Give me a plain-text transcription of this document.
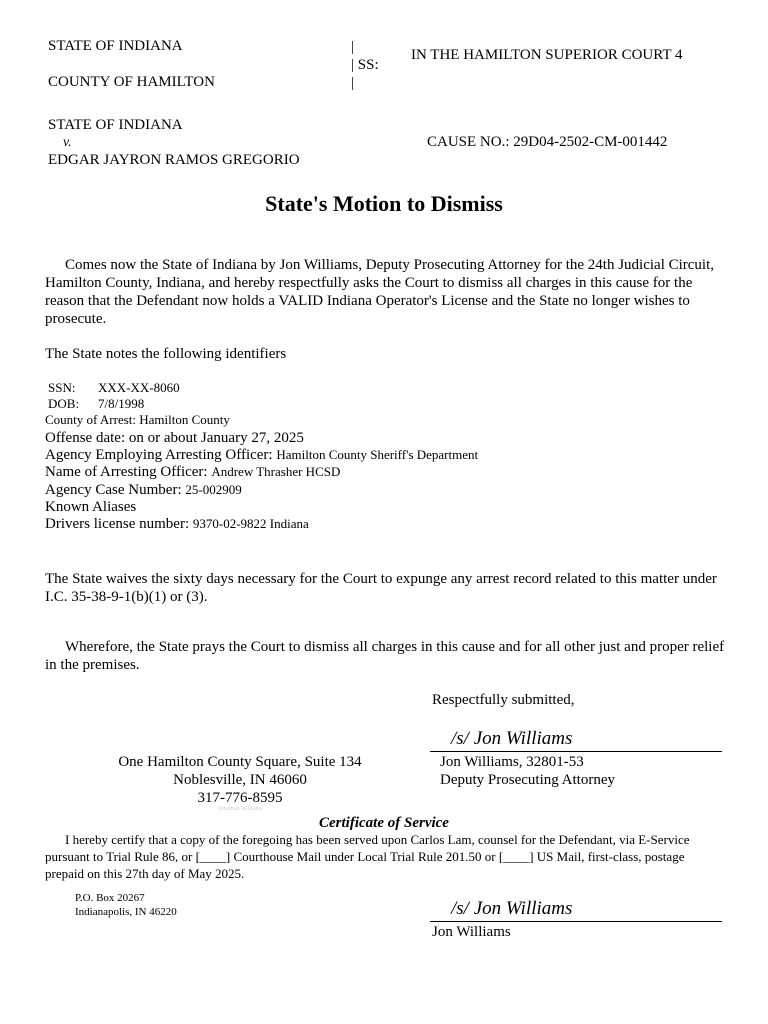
STATE OF INDIANA
COUNTY OF HAMILTON
|
| SS:
|
IN THE HAMILTON SUPERIOR COURT 4
STATE OF INDIANA
v.
EDGAR JAYRON RAMOS GREGORIO
CAUSE NO.: 29D04-2502-CM-001442
State's Motion to Dismiss
Comes now the State of Indiana by Jon Williams, Deputy Prosecuting Attorney for the 24th Judicial Circuit, Hamilton County, Indiana, and hereby respectfully asks the Court to dismiss all charges in this cause for the reason that the Defendant now holds a VALID Indiana Operator's License and the State no longer wishes to prosecute.
The State notes the following identifiers
SSN: XXX-XX-8060
DOB: 7/8/1998
County of Arrest: Hamilton County
Offense date: on or about January 27, 2025
Agency Employing Arresting Officer: Hamilton County Sheriff's Department
Name of Arresting Officer: Andrew Thrasher HCSD
Agency Case Number: 25-002909
Known Aliases
Drivers license number: 9370-02-9822 Indiana
The State waives the sixty days necessary for the Court to expunge any arrest record related to this matter under I.C. 35-38-9-1(b)(1) or (3).
Wherefore, the State prays the Court to dismiss all charges in this cause and for all other just and proper relief in the premises.
Respectfully submitted,
/s/ Jon Williams
One Hamilton County Square, Suite 134
Noblesville, IN 46060
317-776-8595
Jonathan Williams
Jon Williams, 32801-53
Deputy Prosecuting Attorney
Certificate of Service
I hereby certify that a copy of the foregoing has been served upon Carlos Lam, counsel for the Defendant, via E-Service pursuant to Trial Rule 86, or [____] Courthouse Mail under Local Trial Rule 201.50 or [____] US Mail, first-class, postage prepaid on this 27th day of May 2025.
P.O. Box 20267
Indianapolis, IN 46220	/s/ Jon Williams
Jon Williams
